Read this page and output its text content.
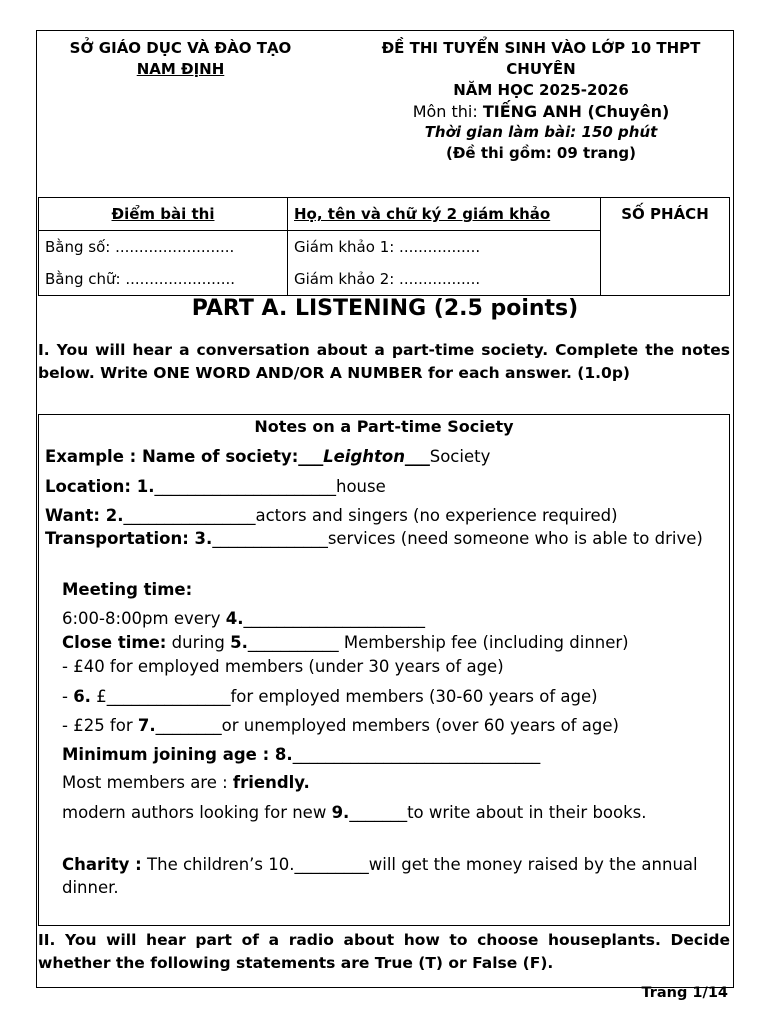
SỞ GIÁO DỤC VÀ ĐÀO TẠO
NAM ĐỊNH
ĐỀ THI TUYỂN SINH VÀO LỚP 10 THPT CHUYÊN
NĂM HỌC 2025-2026
Môn thi: TIẾNG ANH (Chuyên)
Thời gian làm bài: 150 phút
(Đề thi gồm: 09 trang)
Điểm bài thi	Họ, tên và chữ ký 2 giám khảo	SỐ PHÁCH
Bằng số: .........................	Giám khảo 1: .................	
Bằng chữ: .......................	Giám khảo 2: .................	
PART A. LISTENING (2.5 points)
I. You will hear a conversation about a part-time society. Complete the notes below. Write ONE WORD AND/OR A NUMBER for each answer. (1.0p)
Notes on a Part-time Society
Example : Name of society:___Leighton___Society
Location: 1.______________________house
Want: 2.________________actors and singers (no experience required)
Transportation: 3.______________services (need someone who is able to drive)
Meeting time:
6:00-8:00pm every 4.______________________
Close time: during 5.___________ Membership fee (including dinner)
- £40 for employed members (under 30 years of age)
- 6. £_______________for employed members (30-60 years of age)
- £25 for 7.________or unemployed members (over 60 years of age)
Minimum joining age : 8.______________________________
Most members are : friendly.
modern authors looking for new 9._______to write about in their books.
Charity : The children’s 10._________will get the money raised by the annual dinner.
II. You will hear part of a radio about how to choose houseplants. Decide whether the following statements are True (T) or False (F).
Trang 1/14
